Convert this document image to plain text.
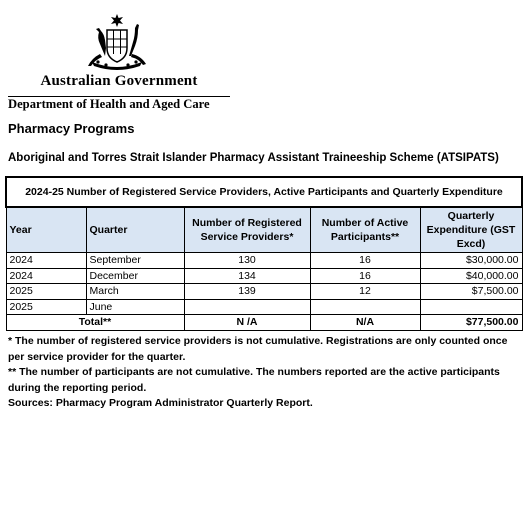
Australian Government
Department of Health and Aged Care
Pharmacy Programs
Aboriginal and Torres Strait Islander Pharmacy Assistant Traineeship Scheme (ATSIPATS)
2024-25 Number of Registered Service Providers, Active Participants and Quarterly Expenditure				
Year	Quarter	Number of Registered Service Providers*	Number of Active Participants**	Quarterly Expenditure (GST Excd)
2024	September	130	16	$30,000.00
2024	December	134	16	$40,000.00
2025	March	139	12	$7,500.00
2025	June			
Total**		N /A	N/A	$77,500.00

* The number of registered service providers is not cumulative. Registrations are only counted once per service provider for the quarter.

** The number of participants are not cumulative. The numbers reported are the active participants during the reporting period.

Sources: Pharmacy Program Administrator Quarterly Report.
